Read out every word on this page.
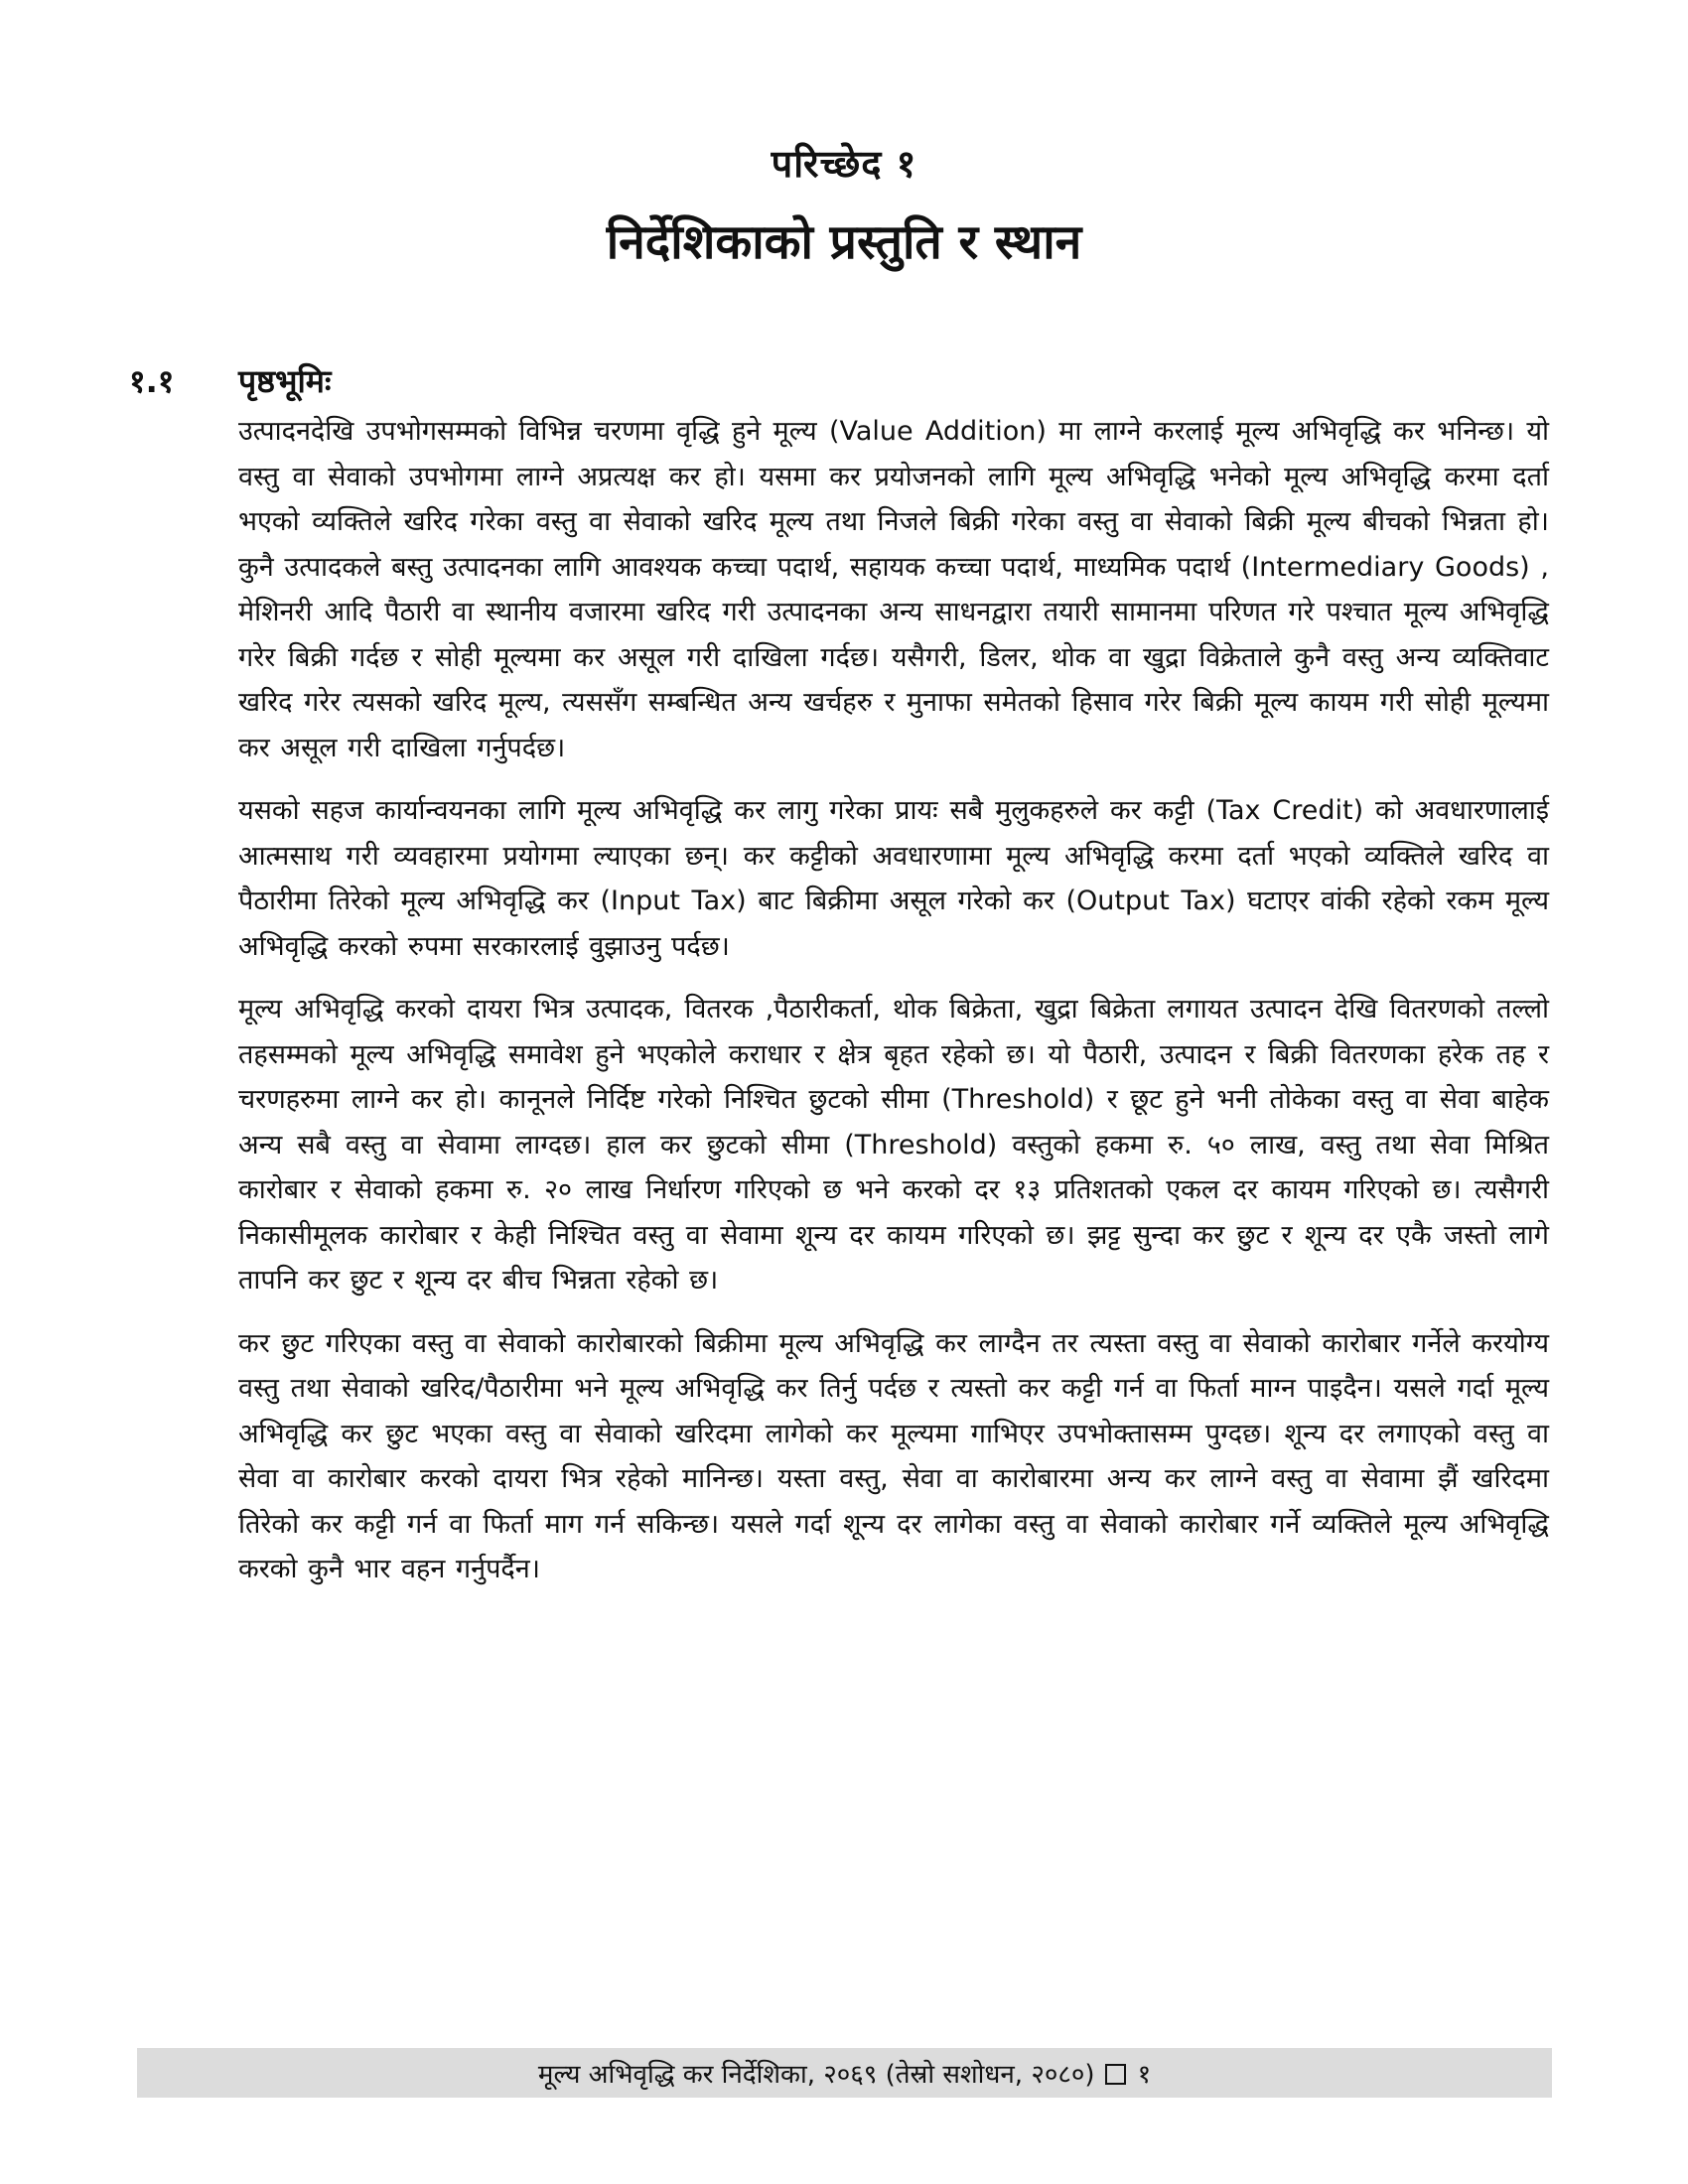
परिच्छेद १
निर्देशिकाको प्रस्तुति र स्थान
१.१ पृष्ठभूमिः

उत्पादनदेखि उपभोगसम्मको विभिन्न चरणमा वृद्धि हुने मूल्य (Value Addition) मा लाग्ने करलाई मूल्य अभिवृद्धि कर भनिन्छ। यो वस्तु वा सेवाको उपभोगमा लाग्ने अप्रत्यक्ष कर हो। यसमा कर प्रयोजनको लागि मूल्य अभिवृद्धि भनेको मूल्य अभिवृद्धि करमा दर्ता भएको व्यक्तिले खरिद गरेका वस्तु वा सेवाको खरिद मूल्य तथा निजले बिक्री गरेका वस्तु वा सेवाको बिक्री मूल्य बीचको भिन्नता हो। कुनै उत्पादकले बस्तु उत्पादनका लागि आवश्यक कच्चा पदार्थ, सहायक कच्चा पदार्थ, माध्यमिक पदार्थ (Intermediary Goods) , मेशिनरी आदि पैठारी वा स्थानीय वजारमा खरिद गरी उत्पादनका अन्य साधनद्वारा तयारी सामानमा परिणत गरे पश्चात मूल्य अभिवृद्धि गरेर बिक्री गर्दछ र सोही मूल्यमा कर असूल गरी दाखिला गर्दछ। यसैगरी, डिलर, थोक वा खुद्रा विक्रेताले कुनै वस्तु अन्य व्यक्तिवाट खरिद गरेर त्यसको खरिद मूल्य, त्यससँग सम्बन्धित अन्य खर्चहरु र मुनाफा समेतको हिसाव गरेर बिक्री मूल्य कायम गरी सोही मूल्यमा कर असूल गरी दाखिला गर्नुपर्दछ।

यसको सहज कार्यान्वयनका लागि मूल्य अभिवृद्धि कर लागु गरेका प्रायः सबै मुलुकहरुले कर कट्टी (Tax Credit) को अवधारणालाई आत्मसाथ गरी व्यवहारमा प्रयोगमा ल्याएका छन्। कर कट्टीको अवधारणामा मूल्य अभिवृद्धि करमा दर्ता भएको व्यक्तिले खरिद वा पैठारीमा तिरेको मूल्य अभिवृद्धि कर (Input Tax) बाट बिक्रीमा असूल गरेको कर (Output Tax) घटाएर वांकी रहेको रकम मूल्य अभिवृद्धि करको रुपमा सरकारलाई वुझाउनु पर्दछ।

मूल्य अभिवृद्धि करको दायरा भित्र उत्पादक, वितरक ,पैठारीकर्ता, थोक बिक्रेता, खुद्रा बिक्रेता लगायत उत्पादन देखि वितरणको तल्लो तहसम्मको मूल्य अभिवृद्धि समावेश हुने भएकोले कराधार र क्षेत्र बृहत रहेको छ। यो पैठारी, उत्पादन र बिक्री वितरणका हरेक तह र चरणहरुमा लाग्ने कर हो। कानूनले निर्दिष्ट गरेको निश्चित छुटको सीमा (Threshold) र छूट हुने भनी तोकेका वस्तु वा सेवा बाहेक अन्य सबै वस्तु वा सेवामा लाग्दछ। हाल कर छुटको सीमा (Threshold) वस्तुको हकमा रु. ५० लाख, वस्तु तथा सेवा मिश्रित कारोबार र सेवाको हकमा रु. २० लाख निर्धारण गरिएको छ भने करको दर १३ प्रतिशतको एकल दर कायम गरिएको छ। त्यसैगरी निकासीमूलक कारोबार र केही निश्चित वस्तु वा सेवामा शून्य दर कायम गरिएको छ। झट्ट सुन्दा कर छुट र शून्य दर एकै जस्तो लागे तापनि कर छुट र शून्य दर बीच भिन्नता रहेको छ।

कर छुट गरिएका वस्तु वा सेवाको कारोबारको बिक्रीमा मूल्य अभिवृद्धि कर लाग्दैन तर त्यस्ता वस्तु वा सेवाको कारोबार गर्नेले करयोग्य वस्तु तथा सेवाको खरिद/पैठारीमा भने मूल्य अभिवृद्धि कर तिर्नु पर्दछ र त्यस्तो कर कट्टी गर्न वा फिर्ता माग्न पाइदैन। यसले गर्दा मूल्य अभिवृद्धि कर छुट भएका वस्तु वा सेवाको खरिदमा लागेको कर मूल्यमा गाभिएर उपभोक्तासम्म पुग्दछ। शून्य दर लगाएको वस्तु वा सेवा वा कारोबार करको दायरा भित्र रहेको मानिन्छ। यस्ता वस्तु, सेवा वा कारोबारमा अन्य कर लाग्ने वस्तु वा सेवामा झैं खरिदमा तिरेको कर कट्टी गर्न वा फिर्ता माग गर्न सकिन्छ। यसले गर्दा शून्य दर लागेका वस्तु वा सेवाको कारोबार गर्ने व्यक्तिले मूल्य अभिवृद्धि करको कुनै भार वहन गर्नुपर्दैन।

मूल्य अभिवृद्धि कर निर्देशिका, २०६९ (तेस्रो सशोधन, २०८०) १
